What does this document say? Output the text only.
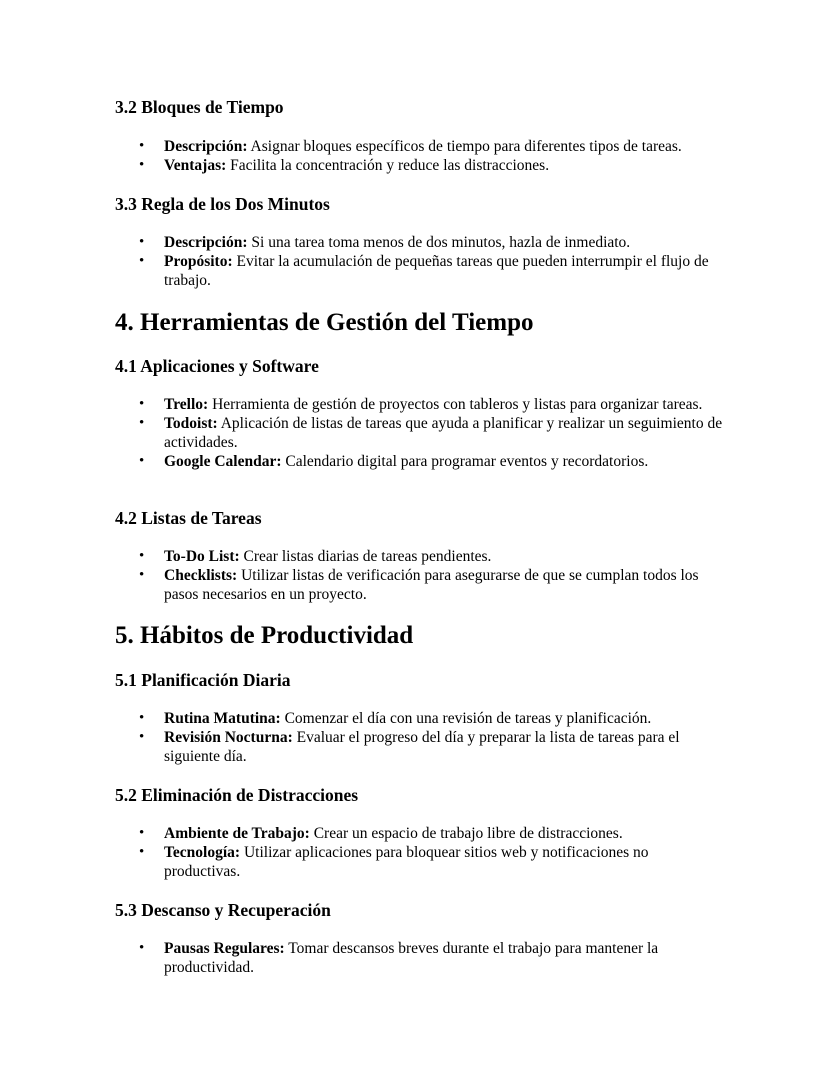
3.2 Bloques de Tiempo
• Descripción: Asignar bloques específicos de tiempo para diferentes tipos de tareas.
• Ventajas: Facilita la concentración y reduce las distracciones.
3.3 Regla de los Dos Minutos
• Descripción: Si una tarea toma menos de dos minutos, hazla de inmediato.
• Propósito: Evitar la acumulación de pequeñas tareas que pueden interrumpir el flujo de trabajo.
4. Herramientas de Gestión del Tiempo
4.1 Aplicaciones y Software
• Trello: Herramienta de gestión de proyectos con tableros y listas para organizar tareas.
• Todoist: Aplicación de listas de tareas que ayuda a planificar y realizar un seguimiento de actividades.
• Google Calendar: Calendario digital para programar eventos y recordatorios.
4.2 Listas de Tareas
• To-Do List: Crear listas diarias de tareas pendientes.
• Checklists: Utilizar listas de verificación para asegurarse de que se cumplan todos los pasos necesarios en un proyecto.
5. Hábitos de Productividad
5.1 Planificación Diaria
• Rutina Matutina: Comenzar el día con una revisión de tareas y planificación.
• Revisión Nocturna: Evaluar el progreso del día y preparar la lista de tareas para el siguiente día.
5.2 Eliminación de Distracciones
• Ambiente de Trabajo: Crear un espacio de trabajo libre de distracciones.
• Tecnología: Utilizar aplicaciones para bloquear sitios web y notificaciones no productivas.
5.3 Descanso y Recuperación
• Pausas Regulares: Tomar descansos breves durante el trabajo para mantener la productividad.
